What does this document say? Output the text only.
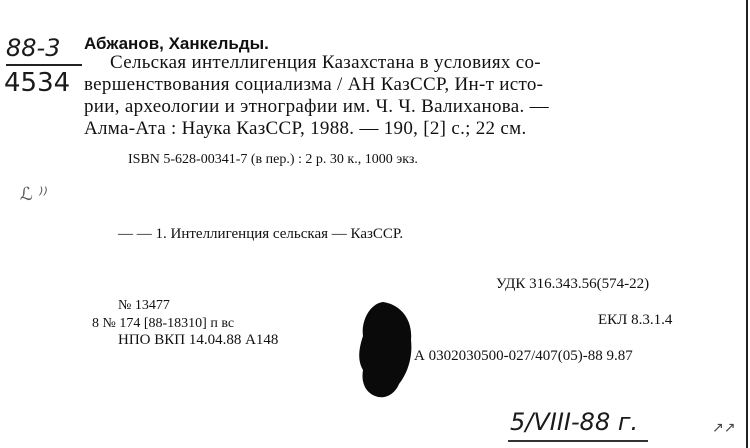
88-3
4534
Абжанов, Ханкельды.
Сельская интеллигенция Казахстана в условиях со-
вершенствования социализма / АН КазССР, Ин-т исто-
рии, археологии и этнографии им. Ч. Ч. Валиханова. —
Алма-Ата : Наука КазССР, 1988. — 190, [2] с.; 22 см.
ISBN 5-628-00341-7 (в пер.) : 2 р. 30 к., 1000 экз.
ℒ ⁾⁾
— — 1. Интеллигенция сельская — КазССР.
УДК 316.343.56(574-22)
№ 13477
8 № 174 [88-18310] п вс
НПО ВКП 14.04.88 А148
ЕКЛ 8.3.1.4
А 0302030500-027/407(05)-88 9.87
5/VIII-88 г.	↗↗
